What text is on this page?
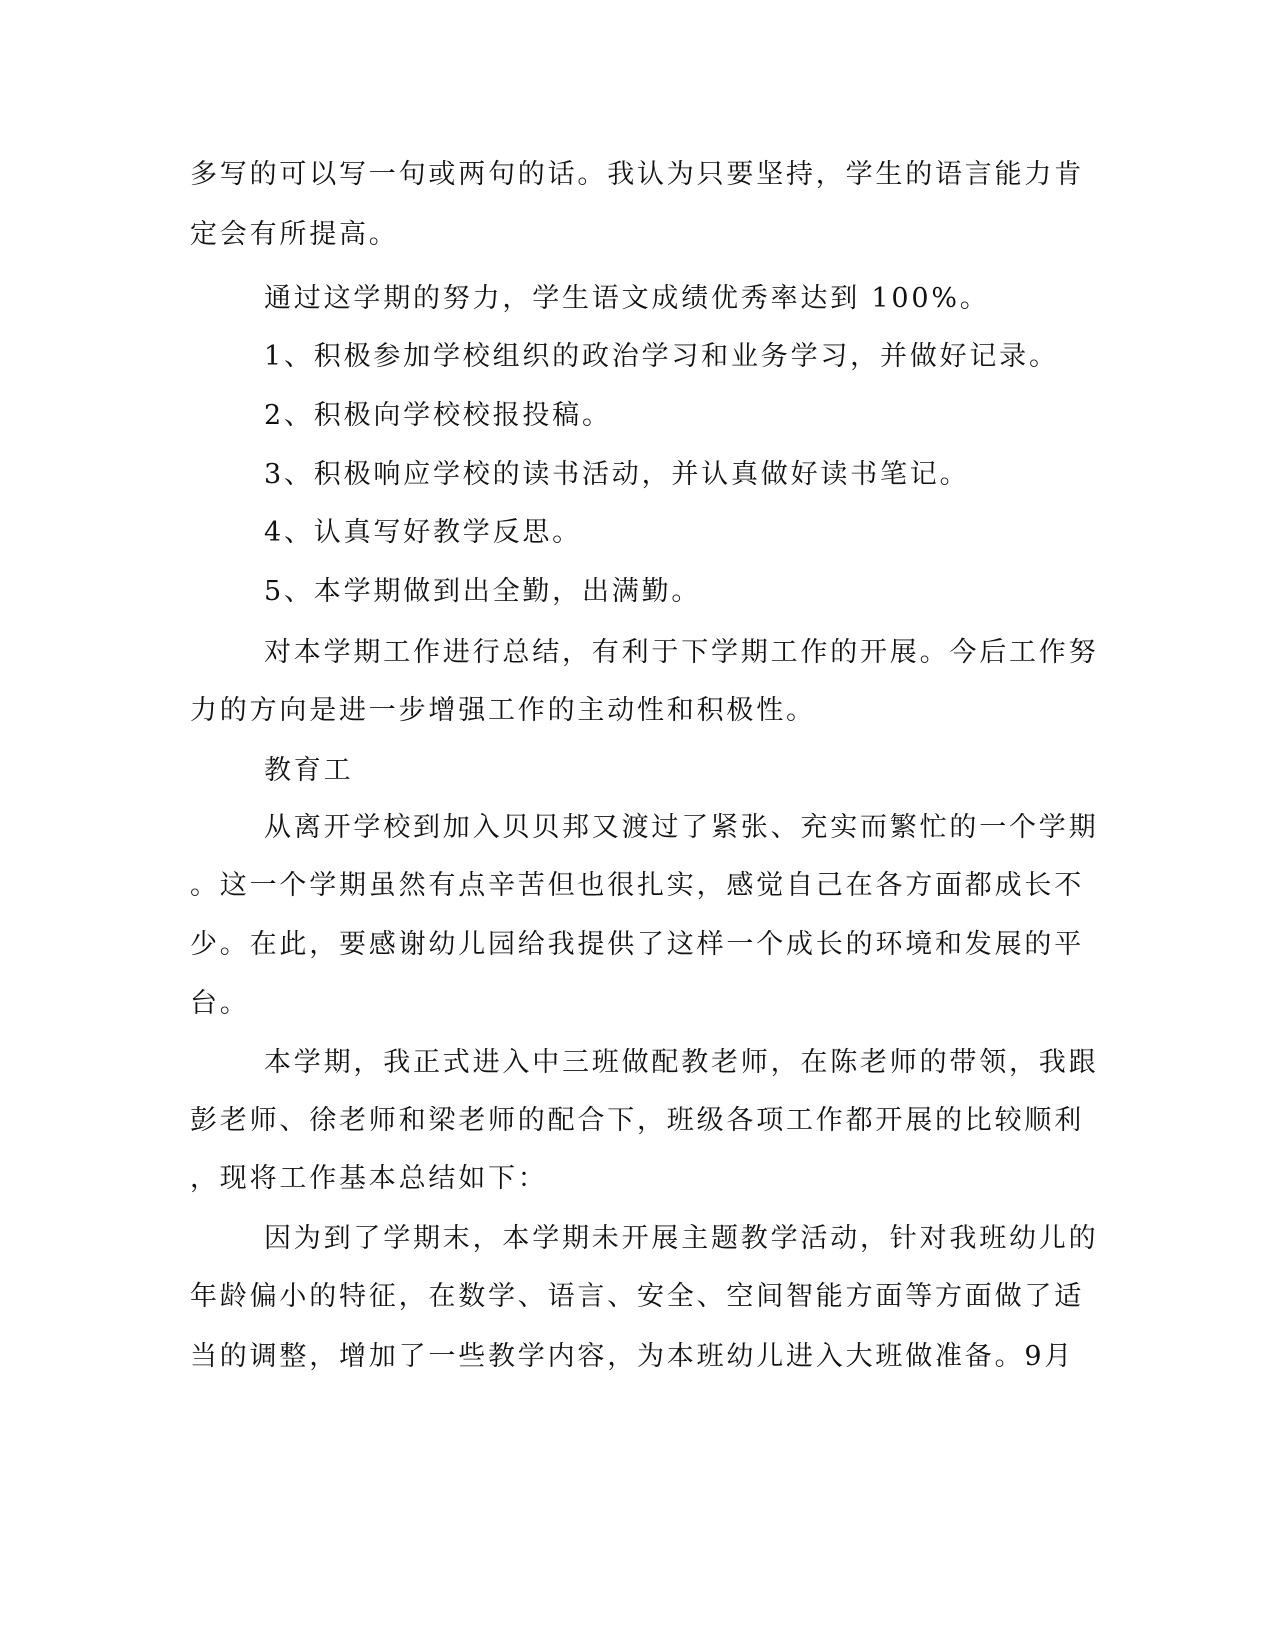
多写的可以写一句或两句的话。我认为只要坚持，学生的语言能力肯
定会有所提高。
通过这学期的努力，学生语文成绩优秀率达到 100%。
1、积极参加学校组织的政治学习和业务学习，并做好记录。
2、积极向学校校报投稿。
3、积极响应学校的读书活动，并认真做好读书笔记。
4、认真写好教学反思。
5、本学期做到出全勤，出满勤。
对本学期工作进行总结，有利于下学期工作的开展。今后工作努
力的方向是进一步增强工作的主动性和积极性。
教育工
从离开学校到加入贝贝邦又渡过了紧张、充实而繁忙的一个学期
。这一个学期虽然有点辛苦但也很扎实，感觉自己在各方面都成长不
少。在此，要感谢幼儿园给我提供了这样一个成长的环境和发展的平
台。
本学期，我正式进入中三班做配教老师，在陈老师的带领，我跟
彭老师、徐老师和梁老师的配合下，班级各项工作都开展的比较顺利
，现将工作基本总结如下：
因为到了学期末，本学期未开展主题教学活动，针对我班幼儿的
年龄偏小的特征，在数学、语言、安全、空间智能方面等方面做了适
当的调整，增加了一些教学内容，为本班幼儿进入大班做准备。9月
